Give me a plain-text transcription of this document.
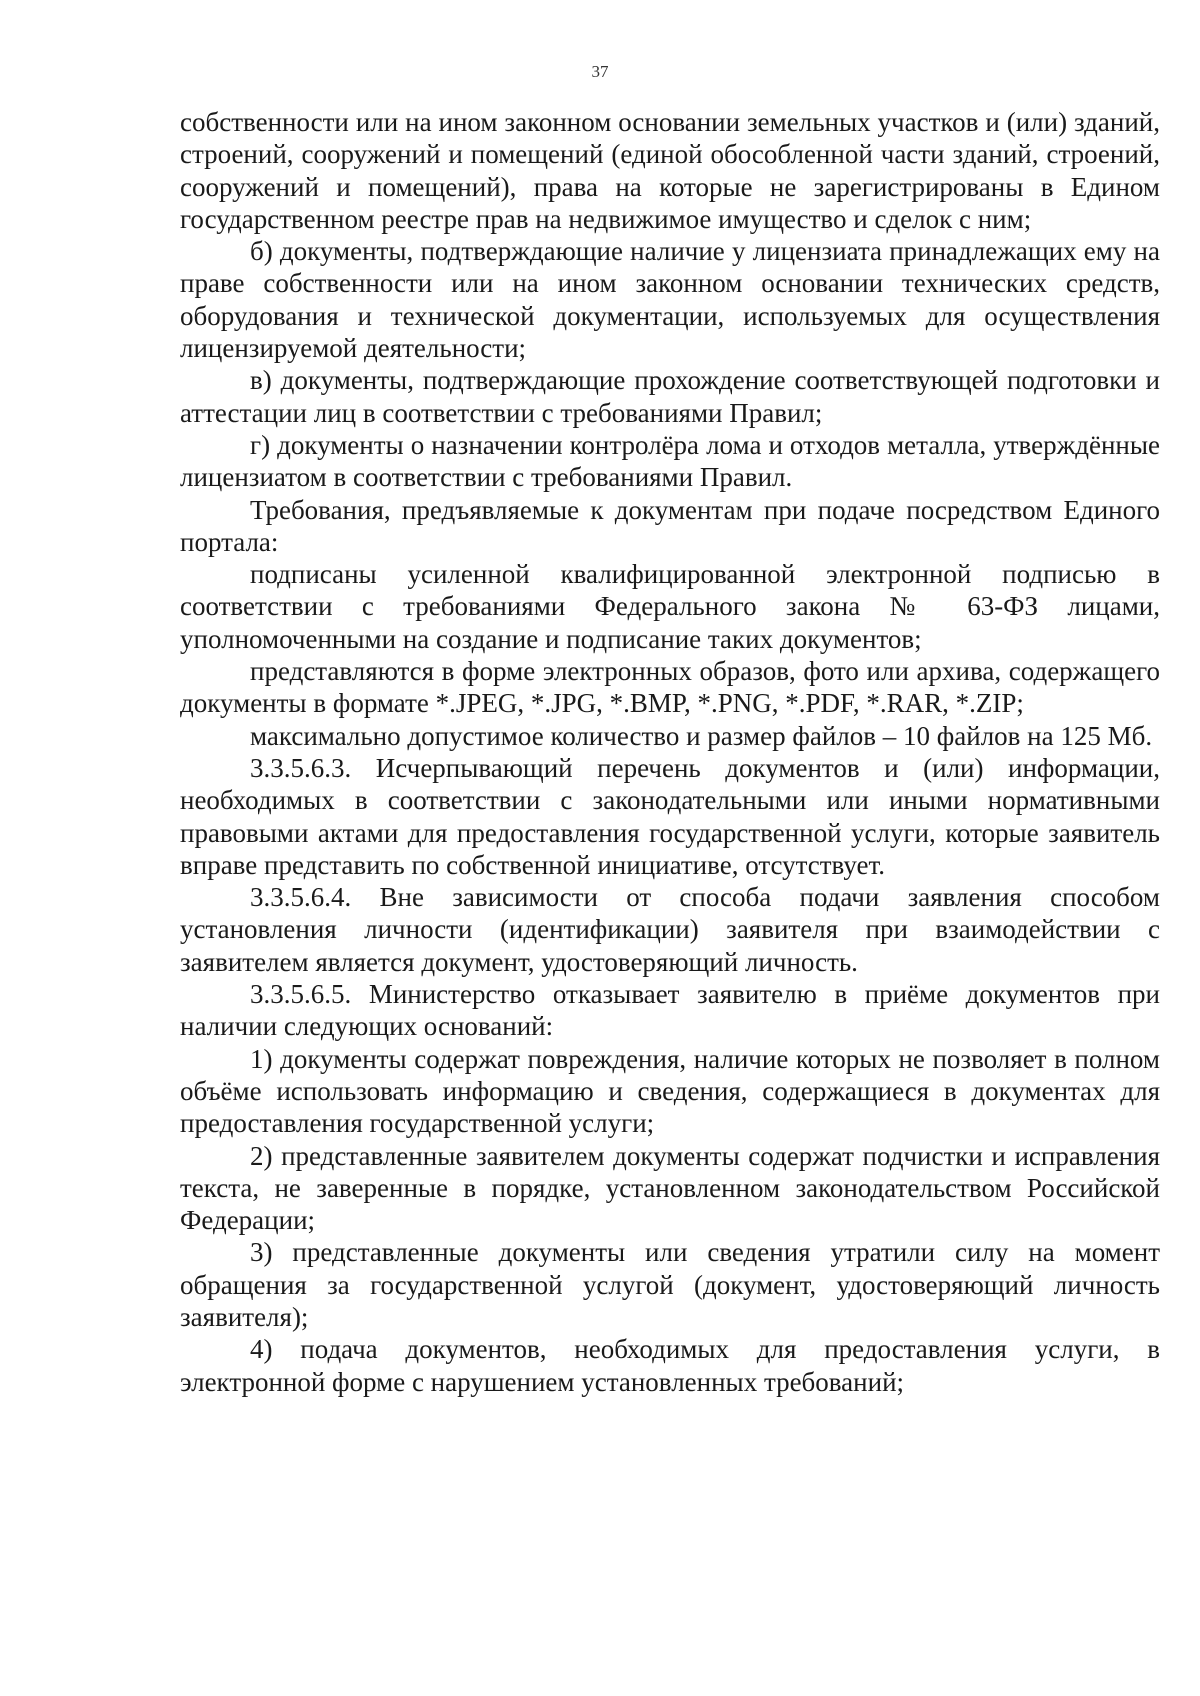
37

собственности или на ином законном основании земельных участков и (или) зданий, строений, сооружений и помещений (единой обособленной части зданий, строений, сооружений и помещений), права на которые не зарегистрированы в Едином государственном реестре прав на недвижимое имущество и сделок с ним;

б) документы, подтверждающие наличие у лицензиата принадлежащих ему на праве собственности или на ином законном основании технических средств, оборудования и технической документации, используемых для осуществления лицензируемой деятельности;

в) документы, подтверждающие прохождение соответствующей подготовки и аттестации лиц в соответствии с требованиями Правил;

г) документы о назначении контролёра лома и отходов металла, утверждённые лицензиатом в соответствии с требованиями Правил.

Требования, предъявляемые к документам при подаче посредством Единого портала:

подписаны усиленной квалифицированной электронной подписью в соответствии с требованиями Федерального закона № 63-ФЗ лицами, уполномоченными на создание и подписание таких документов;

представляются в форме электронных образов, фото или архива, содержащего документы в формате *.JPEG, *.JPG, *.BMP, *.PNG, *.PDF, *.RAR, *.ZIP;

максимально допустимое количество и размер файлов – 10 файлов на 125 Мб.

3.3.5.6.3. Исчерпывающий перечень документов и (или) информации, необходимых в соответствии с законодательными или иными нормативными правовыми актами для предоставления государственной услуги, которые заявитель вправе представить по собственной инициативе, отсутствует.

3.3.5.6.4. Вне зависимости от способа подачи заявления способом установления личности (идентификации) заявителя при взаимодействии с заявителем является документ, удостоверяющий личность.

3.3.5.6.5. Министерство отказывает заявителю в приёме документов при наличии следующих оснований:

1) документы содержат повреждения, наличие которых не позволяет в полном объёме использовать информацию и сведения, содержащиеся в документах для предоставления государственной услуги;

2) представленные заявителем документы содержат подчистки и исправления текста, не заверенные в порядке, установленном законодательством Российской Федерации;

3) представленные документы или сведения утратили силу на момент обращения за государственной услугой (документ, удостоверяющий личность заявителя);

4) подача документов, необходимых для предоставления услуги, в электронной форме с нарушением установленных требований;
